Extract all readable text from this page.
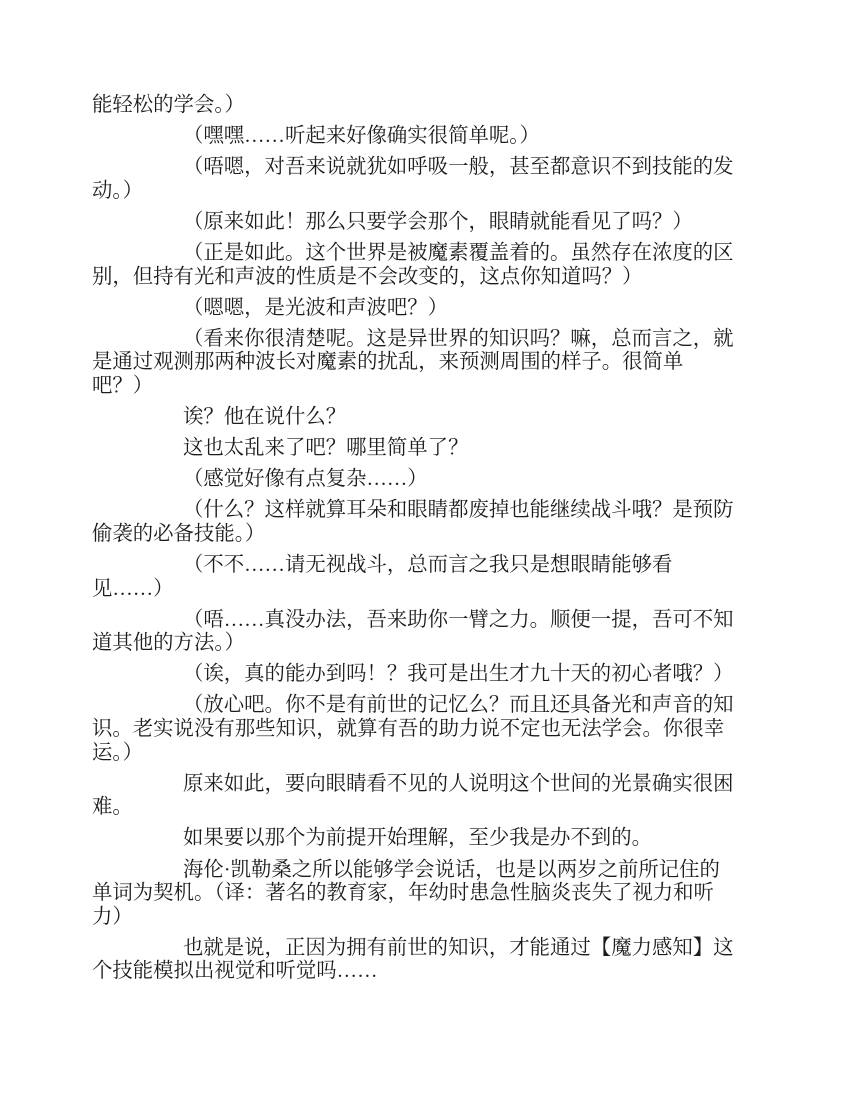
能轻松的学会。）

（嘿嘿……听起来好像确实很简单呢。）

（唔嗯，对吾来说就犹如呼吸一般，甚至都意识不到技能的发
动。）

（原来如此！那么只要学会那个，眼睛就能看见了吗？）

（正是如此。这个世界是被魔素覆盖着的。虽然存在浓度的区
别，但持有光和声波的性质是不会改变的，这点你知道吗？）

（嗯嗯，是光波和声波吧？）

（看来你很清楚呢。这是异世界的知识吗？嘛，总而言之，就
是通过观测那两种波长对魔素的扰乱，来预测周围的样子。很简单
吧？）

诶？他在说什么？

这也太乱来了吧？哪里简单了？

（感觉好像有点复杂……）

（什么？这样就算耳朵和眼睛都废掉也能继续战斗哦？是预防
偷袭的必备技能。）

（不不……请无视战斗，总而言之我只是想眼睛能够看
见……）

（唔……真没办法，吾来助你一臂之力。顺便一提，吾可不知
道其他的方法。）

（诶，真的能办到吗！？我可是出生才九十天的初心者哦？）

（放心吧。你不是有前世的记忆么？而且还具备光和声音的知
识。老实说没有那些知识，就算有吾的助力说不定也无法学会。你很幸
运。）

原来如此，要向眼睛看不见的人说明这个世间的光景确实很困
难。

如果要以那个为前提开始理解，至少我是办不到的。

海伦·凯勒桑之所以能够学会说话，也是以两岁之前所记住的
单词为契机。（译：著名的教育家，年幼时患急性脑炎丧失了视力和听
力）

也就是说，正因为拥有前世的知识，才能通过【魔力感知】这
个技能模拟出视觉和听觉吗……
